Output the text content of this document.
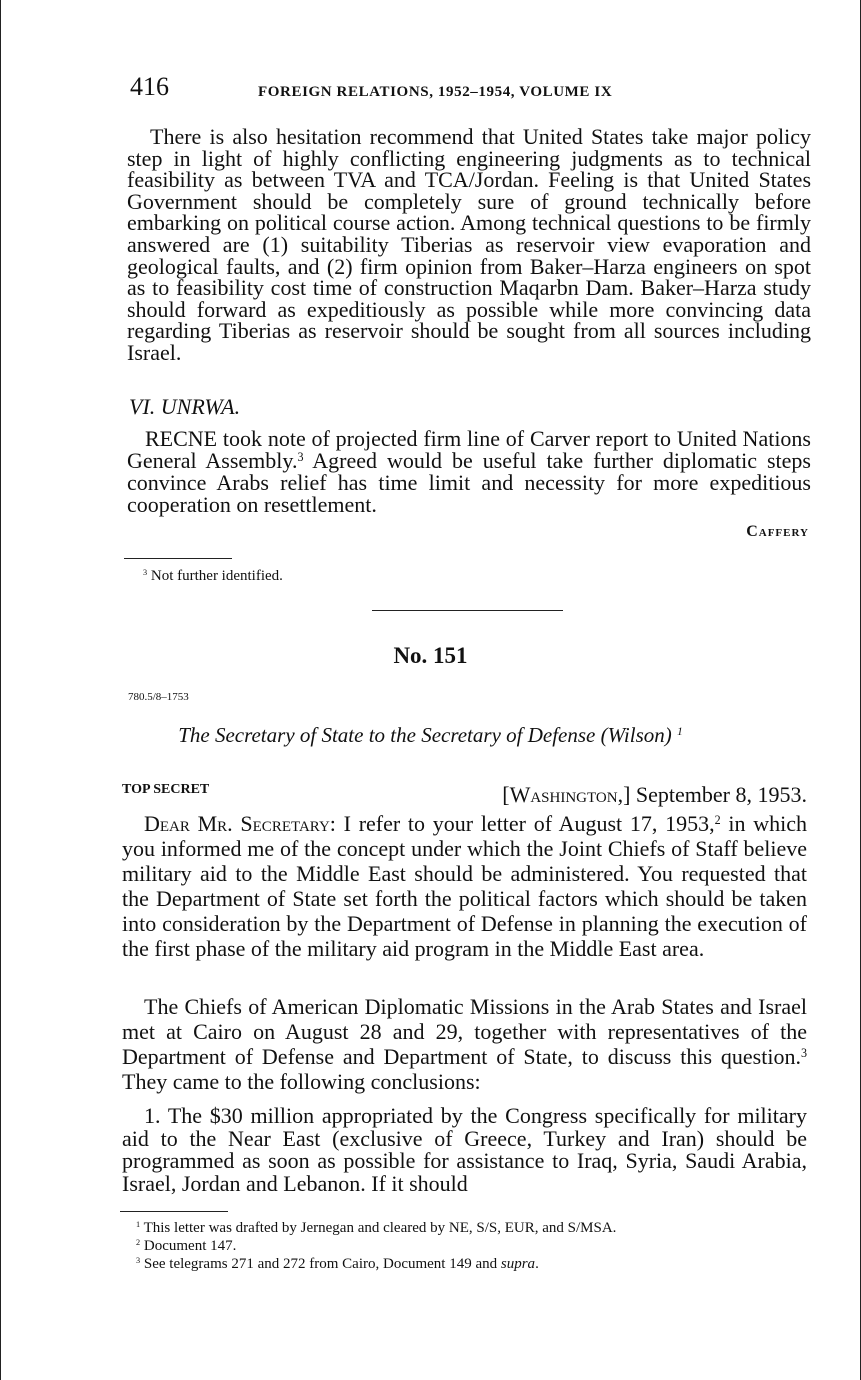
416	FOREIGN RELATIONS, 1952–1954, VOLUME IX
There is also hesitation recommend that United States take major policy step in light of highly conflicting engineering judgments as to technical feasibility as between TVA and TCA/Jordan. Feeling is that United States Government should be completely sure of ground technically before embarking on political course action. Among technical questions to be firmly answered are (1) suitability Tiberias as reservoir view evaporation and geological faults, and (2) firm opinion from Baker–Harza engineers on spot as to feasibility cost time of construction Maqarbn Dam. Baker–Harza study should forward as expeditiously as possible while more convincing data regarding Tiberias as reservoir should be sought from all sources including Israel.
VI. UNRWA.
RECNE took note of projected firm line of Carver report to United Nations General Assembly.$^3$ Agreed would be useful take further diplomatic steps convince Arabs relief has time limit and necessity for more expeditious cooperation on resettlement.
Caffery
$^3$ Not further identified.
No. 151
780.5/8–1753
The Secretary of State to the Secretary of Defense (Wilson) $^1$
TOP SECRET	[Washington,] September 8, 1953.
Dear Mr. Secretary: I refer to your letter of August 17, 1953,$^2$ in which you informed me of the concept under which the Joint Chiefs of Staff believe military aid to the Middle East should be administered. You requested that the Department of State set forth the political factors which should be taken into consideration by the Department of Defense in planning the execution of the first phase of the military aid program in the Middle East area.
The Chiefs of American Diplomatic Missions in the Arab States and Israel met at Cairo on August 28 and 29, together with representatives of the Department of Defense and Department of State, to discuss this question.$^3$ They came to the following conclusions:
1. The $30 million appropriated by the Congress specifically for military aid to the Near East (exclusive of Greece, Turkey and Iran) should be programmed as soon as possible for assistance to Iraq, Syria, Saudi Arabia, Israel, Jordan and Lebanon. If it should
$^1$ This letter was drafted by Jernegan and cleared by NE, S/S, EUR, and S/MSA.
$^2$ Document 147.
$^3$ See telegrams 271 and 272 from Cairo, Document 149 and supra.
